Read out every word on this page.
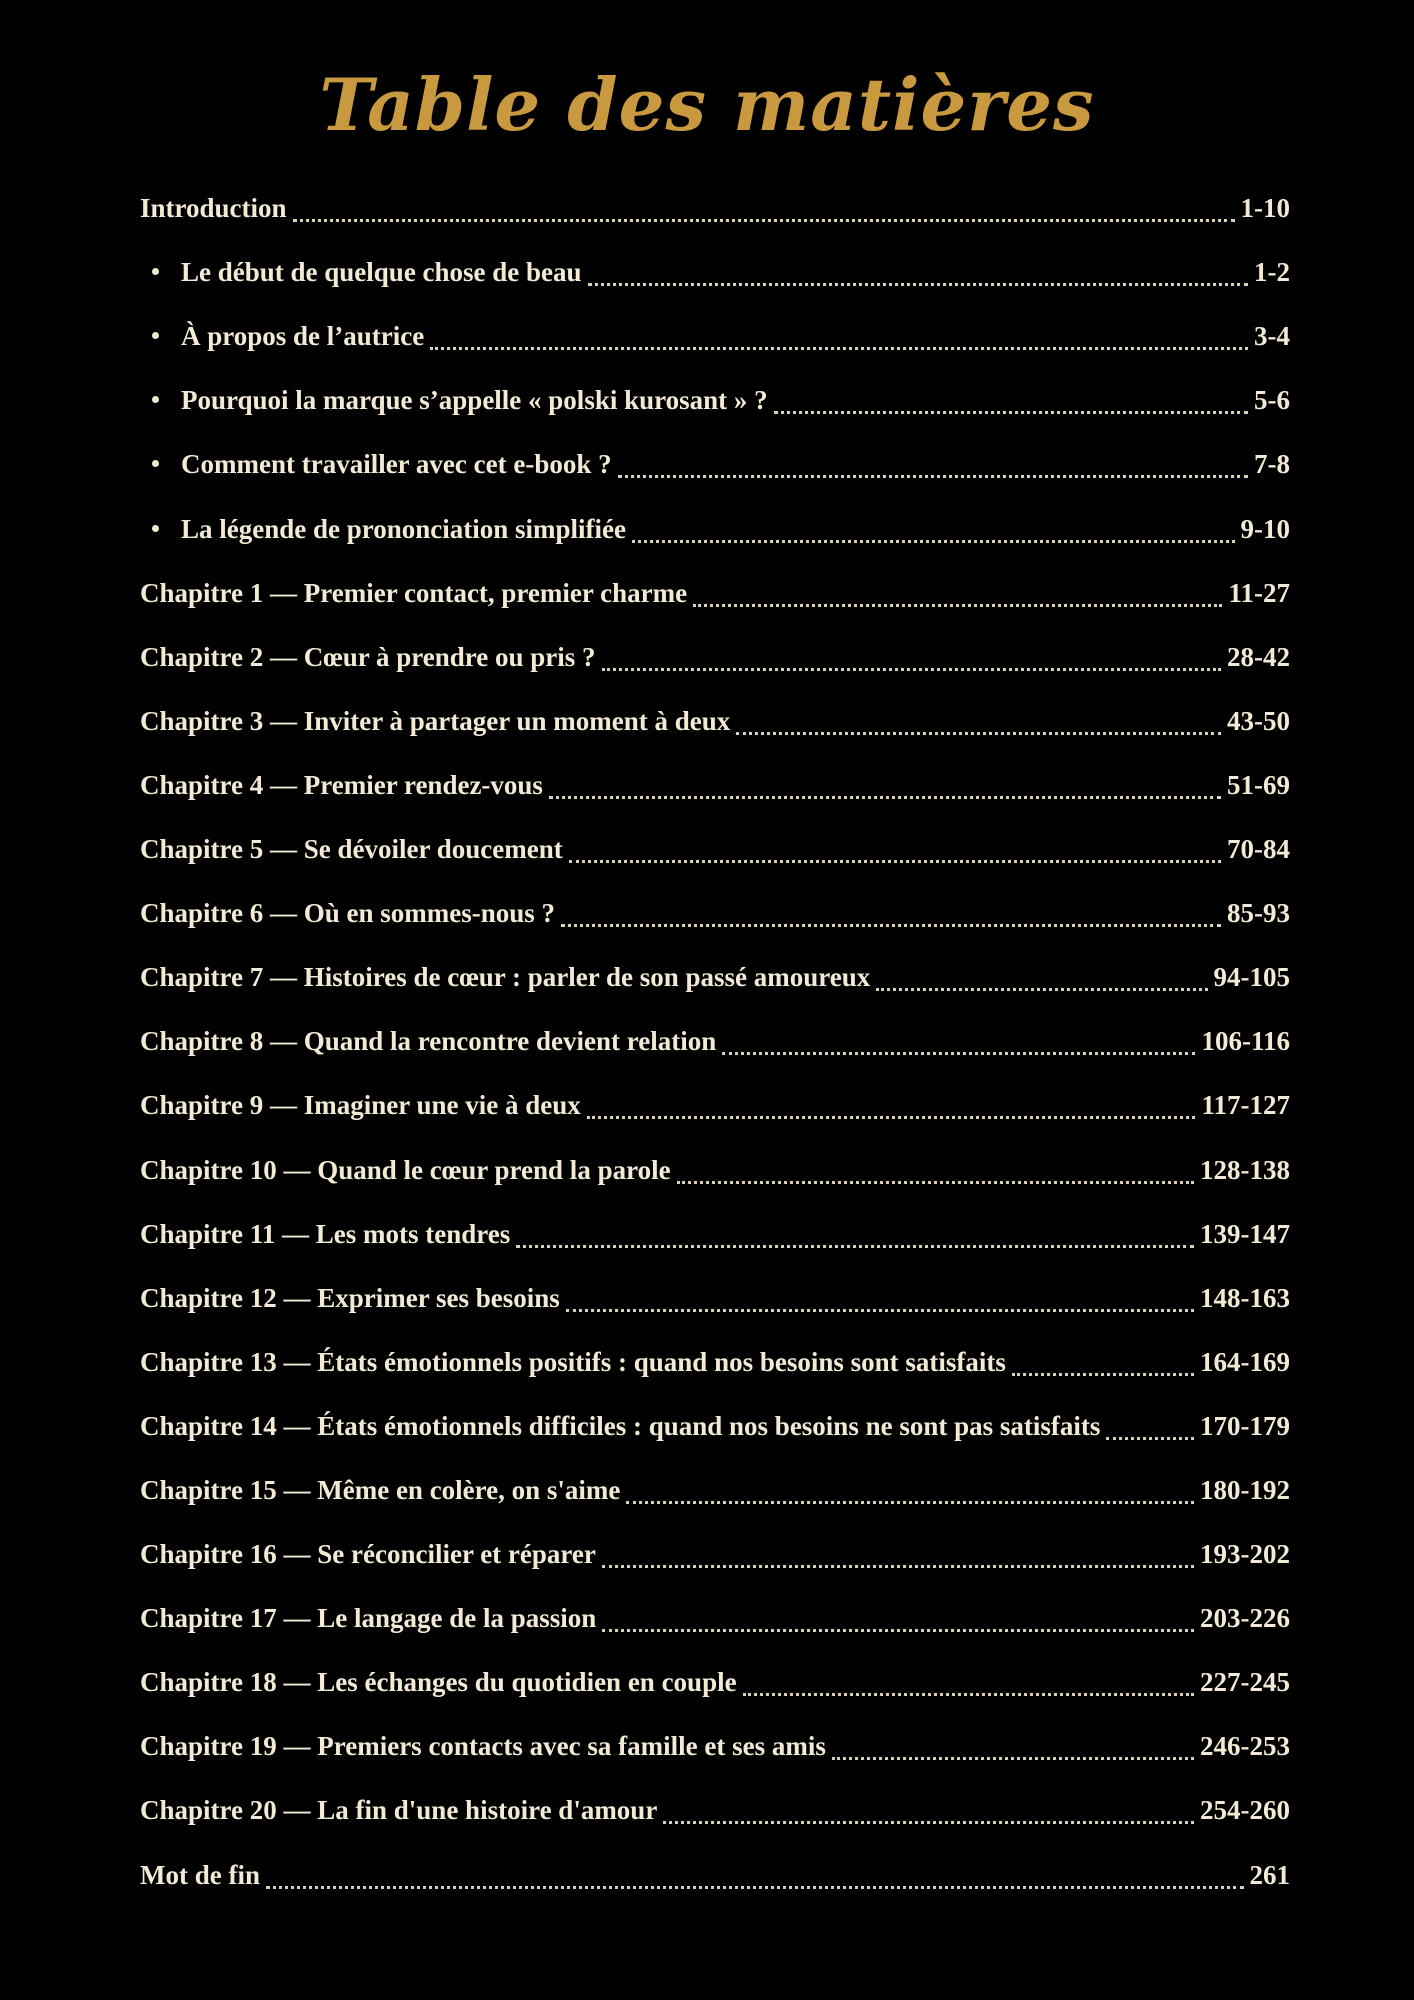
Table des matières
Introduction	1-10
Le début de quelque chose de beau	1-2
À propos de l’autrice	3-4
Pourquoi la marque s’appelle « polski kurosant » ?	5-6
Comment travailler avec cet e-book ?	7-8
La légende de prononciation simplifiée	9-10
Chapitre 1 — Premier contact, premier charme	11-27
Chapitre 2 — Cœur à prendre ou pris ?	28-42
Chapitre 3 — Inviter à partager un moment à deux	43-50
Chapitre 4 — Premier rendez-vous	51-69
Chapitre 5 — Se dévoiler doucement	70-84
Chapitre 6 — Où en sommes-nous ?	85-93
Chapitre 7 — Histoires de cœur : parler de son passé amoureux	94-105
Chapitre 8 — Quand la rencontre devient relation	106-116
Chapitre 9 — Imaginer une vie à deux	117-127
Chapitre 10 — Quand le cœur prend la parole	128-138
Chapitre 11 — Les mots tendres	139-147
Chapitre 12 — Exprimer ses besoins	148-163
Chapitre 13 — États émotionnels positifs : quand nos besoins sont satisfaits	164-169
Chapitre 14 — États émotionnels difficiles : quand nos besoins ne sont pas satisfaits	170-179
Chapitre 15 — Même en colère, on s'aime	180-192
Chapitre 16 — Se réconcilier et réparer	193-202
Chapitre 17 — Le langage de la passion	203-226
Chapitre 18 — Les échanges du quotidien en couple	227-245
Chapitre 19 — Premiers contacts avec sa famille et ses amis	246-253
Chapitre 20 — La fin d'une histoire d'amour	254-260
Mot de fin	261
